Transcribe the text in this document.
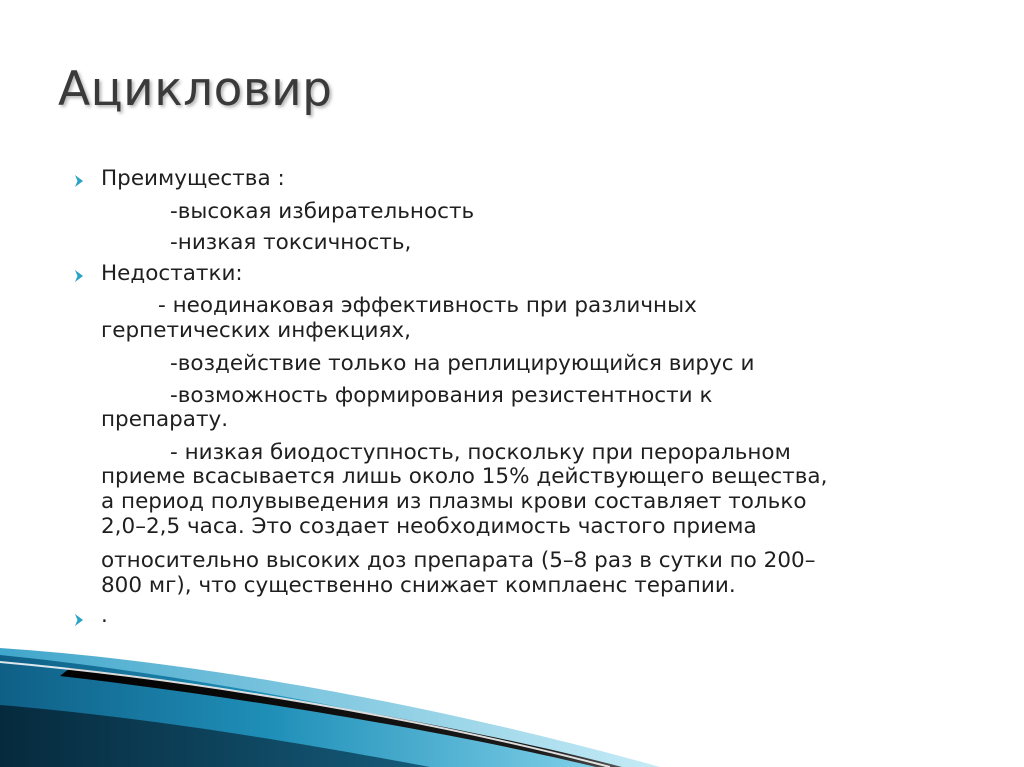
Ацикловир
Преимущества :
-высокая избирательность
-низкая токсичность,
Недостатки:
- неодинаковая эффективность при различных
герпетических инфекциях,
-воздействие только на реплицирующийся вирус и
-возможность формирования резистентности к
препарату.
- низкая биодоступность, поскольку при пероральном
приеме всасывается лишь около 15% действующего вещества,
а период полувыведения из плазмы крови составляет только
2,0–2,5 часа. Это создает необходимость частого приема
относительно высоких доз препарата (5–8 раз в сутки по 200–
800 мг), что существенно снижает комплаенс терапии.
.
